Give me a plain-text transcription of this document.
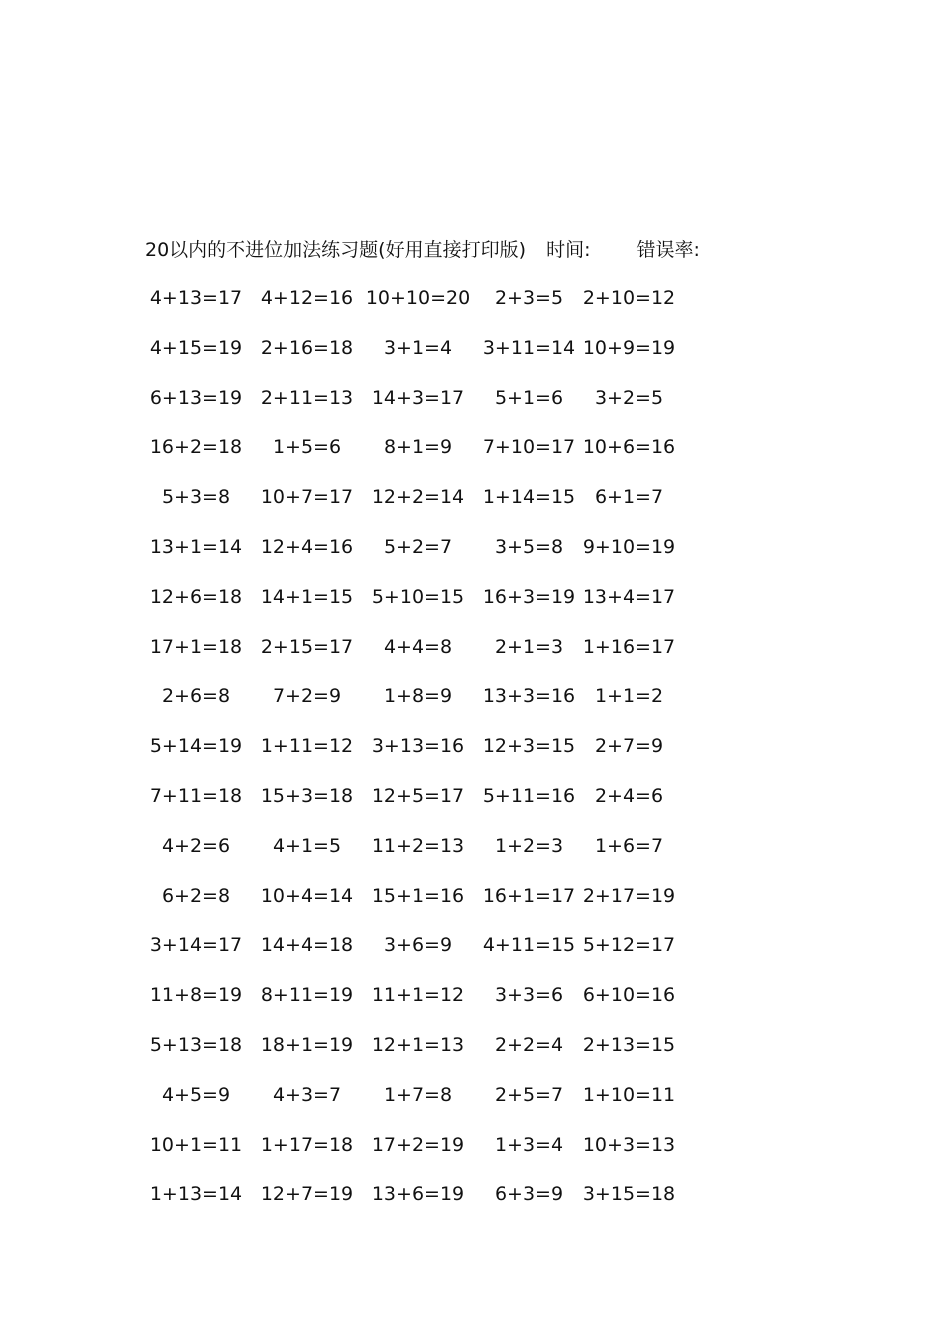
20以内的不进位加法练习题(好用直接打印版) 时间: 错误率:
4+13=17 4+12=16 10+10=20	2+3=5	2+10=12
4+15=19 2+16=18	3+1=4	3+11=14 10+9=19
6+13=19 2+11=13 14+3=17	5+1=6	3+2=5
16+2=18	1+5=6	8+1=9	7+10=17 10+6=16
5+3=8	10+7=17 12+2=14 1+14=15	6+1=7
13+1=14 12+4=16	5+2=7	3+5=8	9+10=19
12+6=18 14+1=15 5+10=15 16+3=19 13+4=17
17+1=18 2+15=17	4+4=8	2+1=3	1+16=17
2+6=8	7+2=9	1+8=9	13+3=16	1+1=2
5+14=19 1+11=12 3+13=16 12+3=15	2+7=9
7+11=18 15+3=18 12+5=17 5+11=16	2+4=6
4+2=6	4+1=5	11+2=13	1+2=3	1+6=7
6+2=8	10+4=14 15+1=16 16+1=17 2+17=19
3+14=17 14+4=18	3+6=9	4+11=15 5+12=17
11+8=19 8+11=19 11+1=12	3+3=6	6+10=16
5+13=18 18+1=19 12+1=13	2+2=4	2+13=15
4+5=9	4+3=7	1+7=8	2+5=7	1+10=11
10+1=11 1+17=18 17+2=19	1+3=4	10+3=13
1+13=14 12+7=19 13+6=19	6+3=9	3+15=18
